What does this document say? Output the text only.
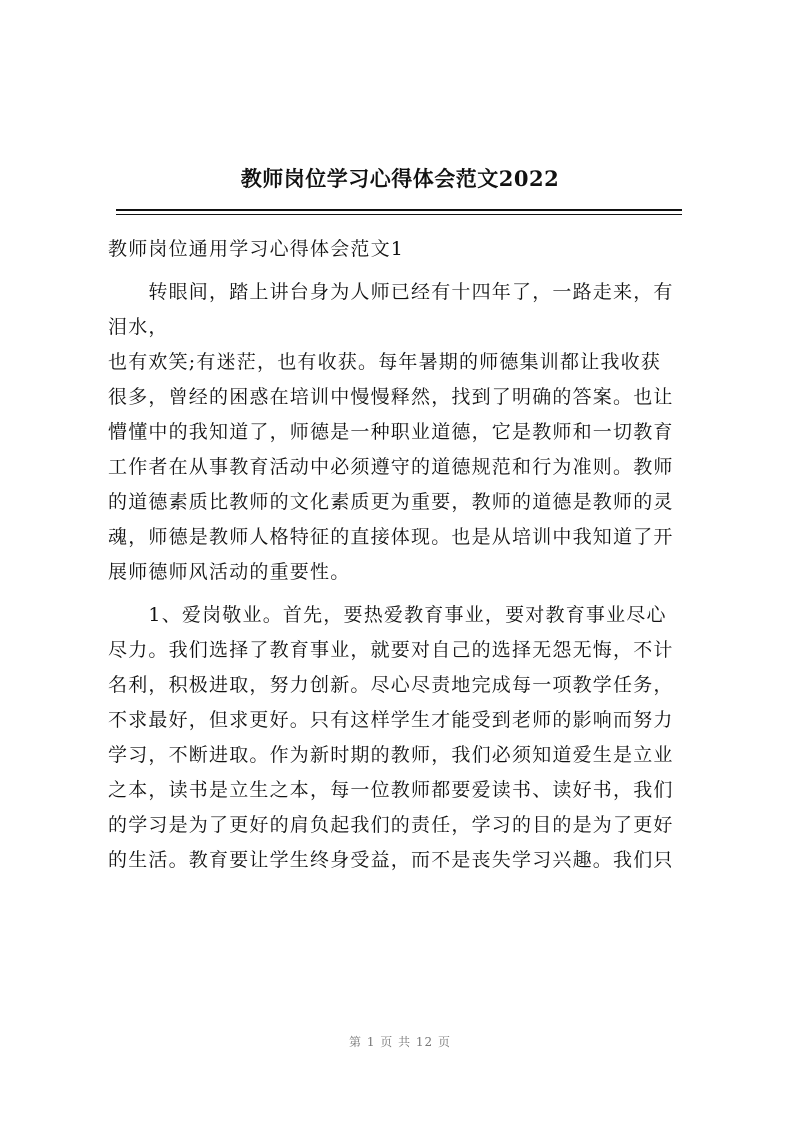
教师岗位学习心得体会范文2022
教师岗位通用学习心得体会范文1
　　转眼间，踏上讲台身为人师已经有十四年了，一路走来，有
泪水，
也有欢笑;有迷茫，也有收获。每年暑期的师德集训都让我收获
很多，曾经的困惑在培训中慢慢释然，找到了明确的答案。也让
懵懂中的我知道了，师德是一种职业道德，它是教师和一切教育
工作者在从事教育活动中必须遵守的道德规范和行为准则。教师
的道德素质比教师的文化素质更为重要，教师的道德是教师的灵
魂，师德是教师人格特征的直接体现。也是从培训中我知道了开
展师德师风活动的重要性。
　　1、爱岗敬业。首先，要热爱教育事业，要对教育事业尽心
尽力。我们选择了教育事业，就要对自己的选择无怨无悔，不计
名利，积极进取，努力创新。尽心尽责地完成每一项教学任务，
不求最好，但求更好。只有这样学生才能受到老师的影响而努力
学习，不断进取。作为新时期的教师，我们必须知道爱生是立业
之本，读书是立生之本，每一位教师都要爱读书、读好书，我们
的学习是为了更好的肩负起我们的责任，学习的目的是为了更好
的生活。教育要让学生终身受益，而不是丧失学习兴趣。我们只
第 1 页 共 12 页
